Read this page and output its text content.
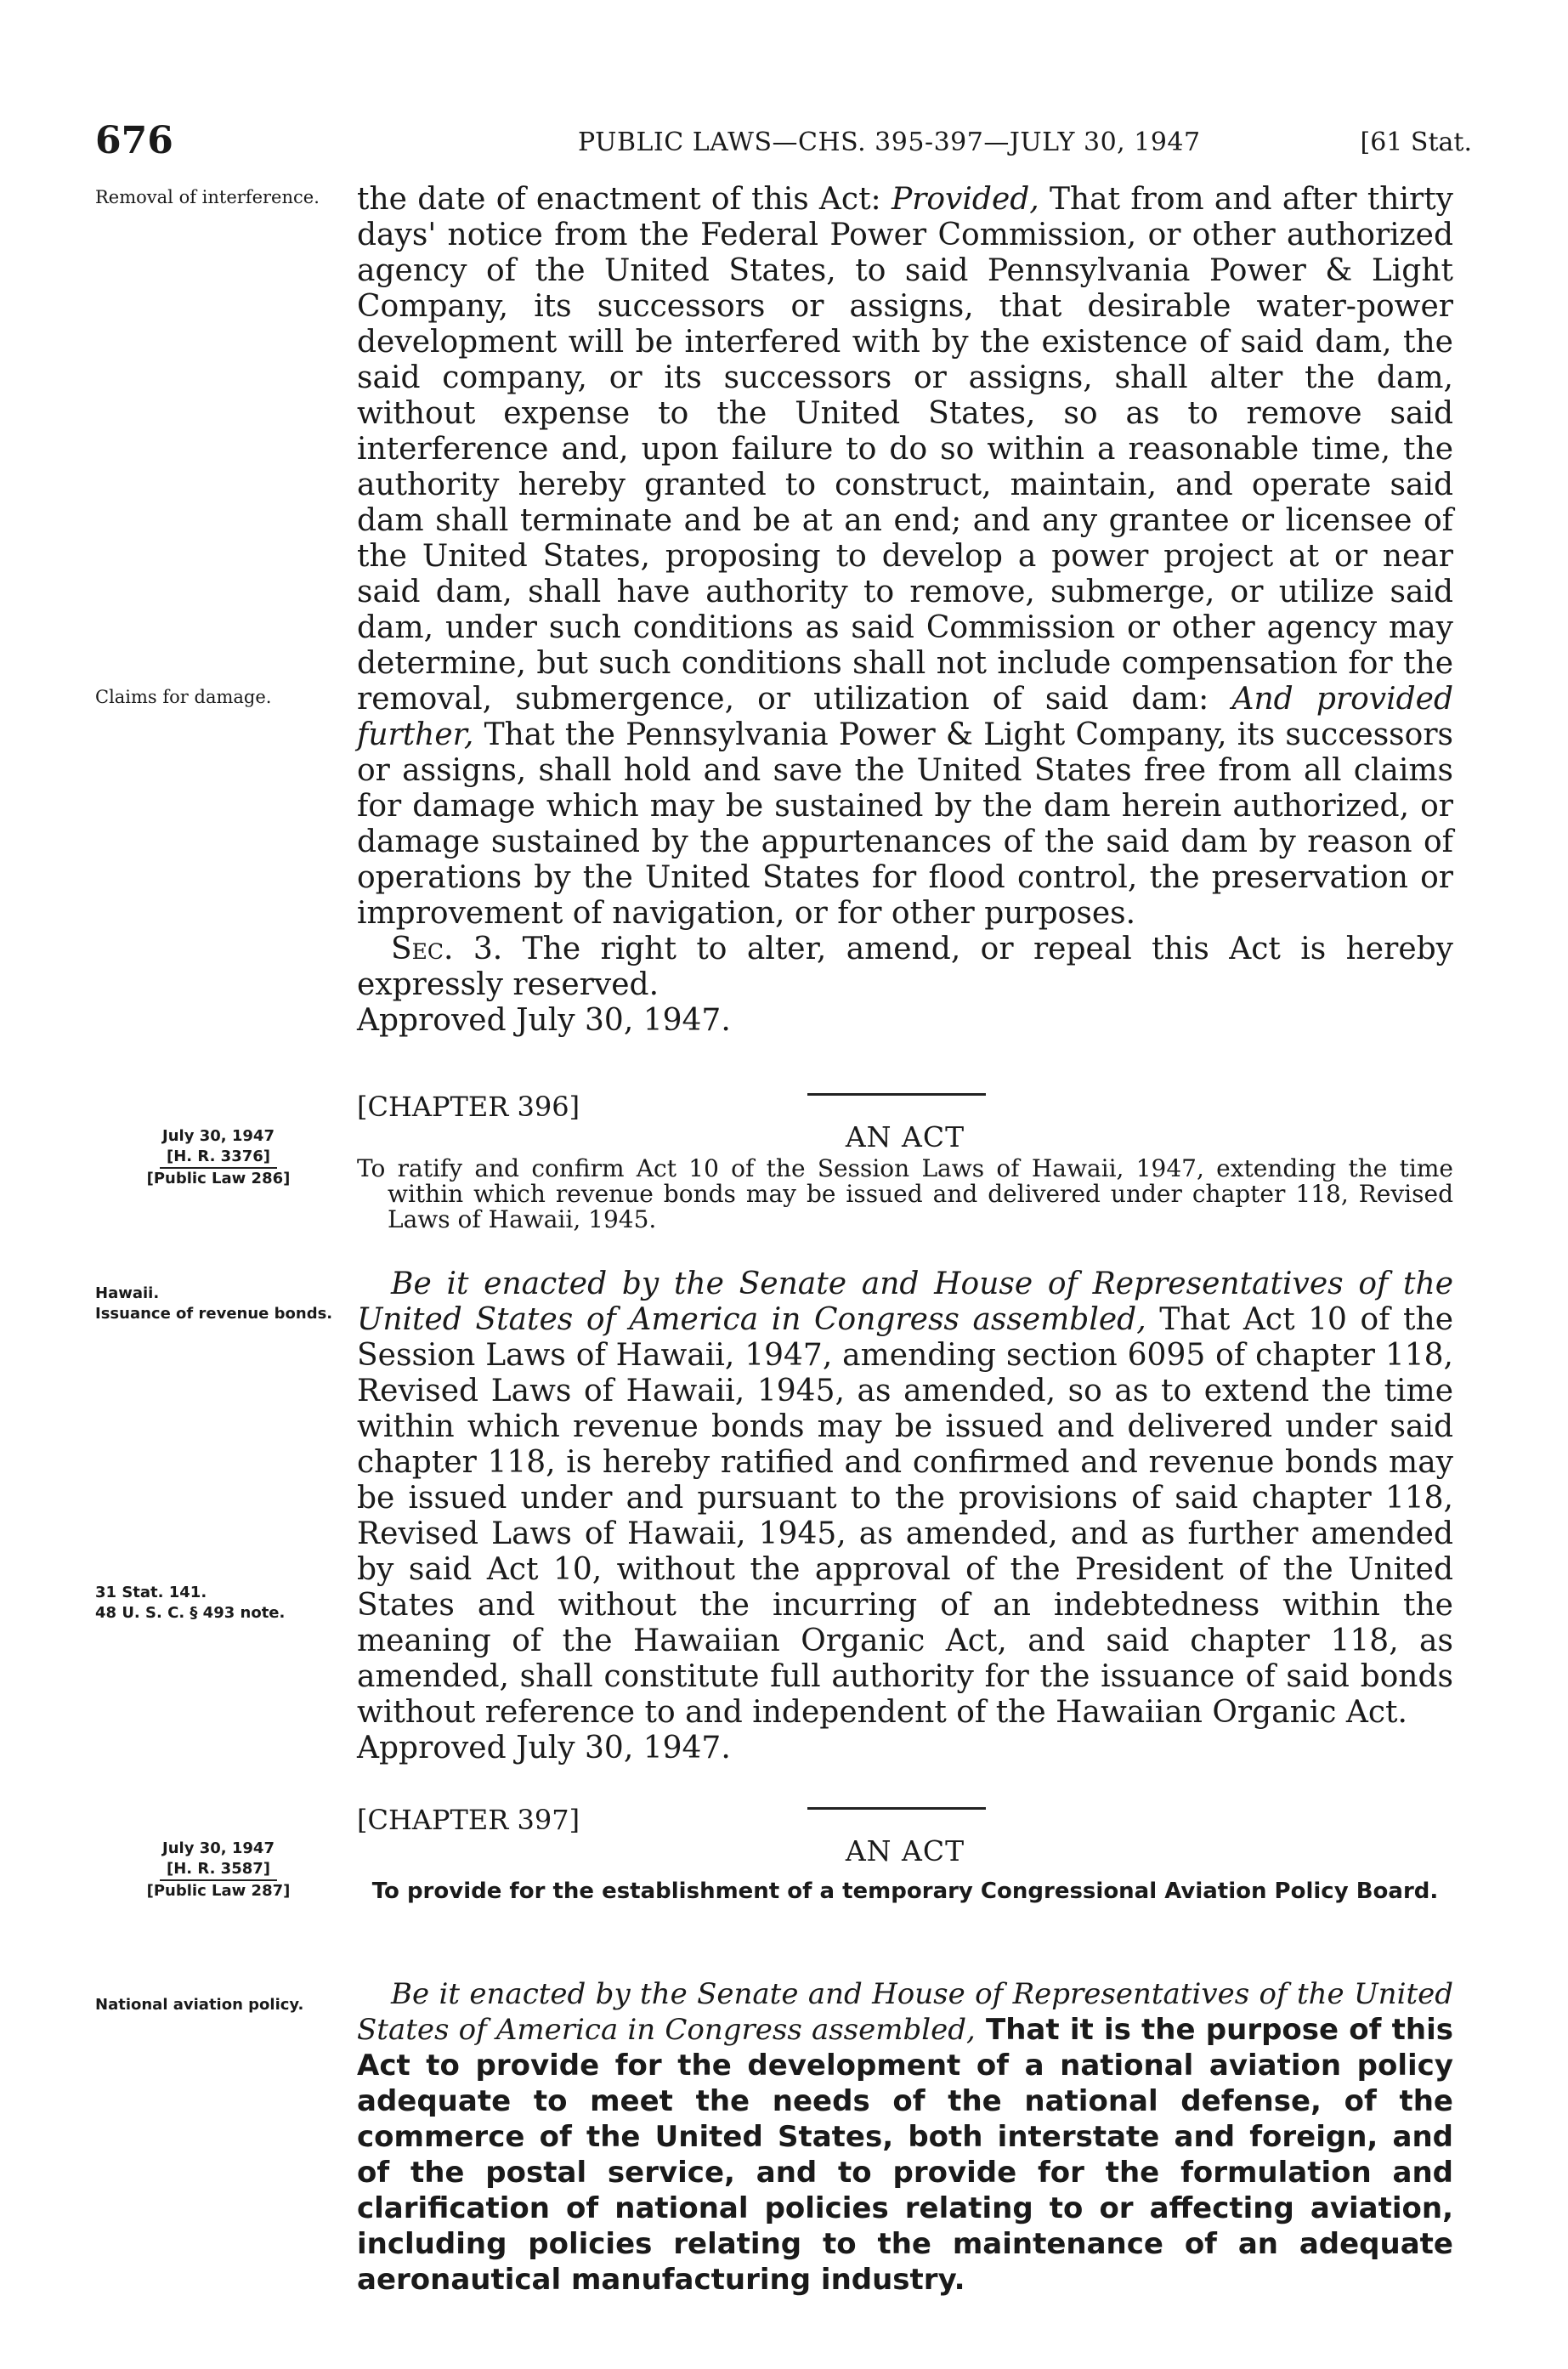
676	PUBLIC LAWS—CHS. 395-397—JULY 30, 1947	[61 Stat.
Removal of interference.
Claims for damage.
July 30, 1947
[H. R. 3376]
[Public Law 286]
Hawaii.
Issuance of revenue bonds.
31 Stat. 141.
48 U. S. C. § 493 note.
July 30, 1947
[H. R. 3587]
[Public Law 287]
National aviation policy.

the date of enactment of this Act: Provided, That from and after thirty days' notice from the Federal Power Commission, or other authorized agency of the United States, to said Pennsylvania Power & Light Company, its successors or assigns, that desirable water-power development will be interfered with by the existence of said dam, the said company, or its successors or assigns, shall alter the dam, without expense to the United States, so as to remove said interference and, upon failure to do so within a reasonable time, the authority hereby granted to construct, maintain, and operate said dam shall terminate and be at an end; and any grantee or licensee of the United States, proposing to develop a power project at or near said dam, shall have authority to remove, submerge, or utilize said dam, under such conditions as said Commission or other agency may determine, but such conditions shall not include compensation for the removal, submergence, or utilization of said dam: And provided further, That the Pennsylvania Power & Light Company, its successors or assigns, shall hold and save the United States free from all claims for damage which may be sustained by the dam herein authorized, or damage sustained by the appurtenances of the said dam by reason of operations by the United States for flood control, the preservation or improvement of navigation, or for other purposes.

Sec. 3. The right to alter, amend, or repeal this Act is hereby expressly reserved.

Approved July 30, 1947.

[CHAPTER 396]
AN ACT
To ratify and confirm Act 10 of the Session Laws of Hawaii, 1947, extending the time within which revenue bonds may be issued and delivered under chapter 118, Revised Laws of Hawaii, 1945.

Be it enacted by the Senate and House of Representatives of the United States of America in Congress assembled, That Act 10 of the Session Laws of Hawaii, 1947, amending section 6095 of chapter 118, Revised Laws of Hawaii, 1945, as amended, so as to extend the time within which revenue bonds may be issued and delivered under said chapter 118, is hereby ratified and confirmed and revenue bonds may be issued under and pursuant to the provisions of said chapter 118, Revised Laws of Hawaii, 1945, as amended, and as further amended by said Act 10, without the approval of the President of the United States and without the incurring of an indebtedness within the meaning of the Hawaiian Organic Act, and said chapter 118, as amended, shall constitute full authority for the issuance of said bonds without reference to and independent of the Hawaiian Organic Act.

Approved July 30, 1947.

[CHAPTER 397]
AN ACT
To provide for the establishment of a temporary Congressional Aviation Policy Board.

Be it enacted by the Senate and House of Representatives of the United States of America in Congress assembled, That it is the purpose of this Act to provide for the development of a national aviation policy adequate to meet the needs of the national defense, of the commerce of the United States, both interstate and foreign, and of the postal service, and to provide for the formulation and clarification of national policies relating to or affecting aviation, including policies relating to the maintenance of an adequate aeronautical manufacturing industry.
